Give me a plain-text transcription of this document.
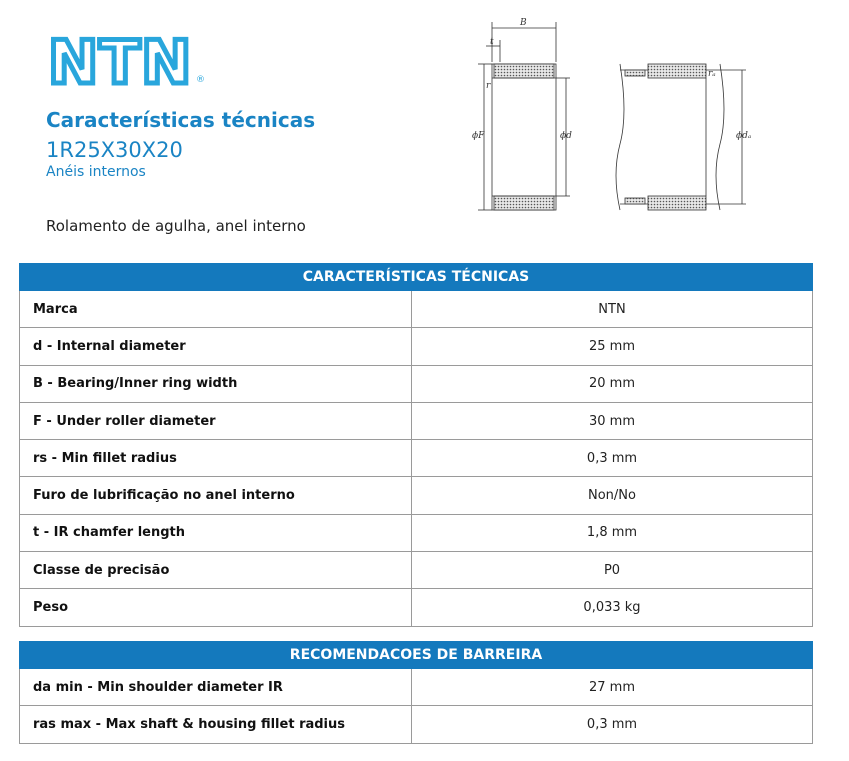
NTN ®
Características técnicas
1R25X30X20
Anéis internos
Rolamento de agulha, anel interno
B
t
r
ϕF	ϕd
rₐ
ϕdₐ
CARACTERÍSTICAS TÉCNICAS	
Marca	NTN
d - Internal diameter	25 mm
B - Bearing/Inner ring width	20 mm
F - Under roller diameter	30 mm
rs - Min fillet radius	0,3 mm
Furo de lubrificação no anel interno	Non/No
t - IR chamfer length	1,8 mm
Classe de precisão	P0
Peso	0,033 kg
RECOMENDACOES DE BARREIRA	
da min - Min shoulder diameter IR	27 mm
ras max - Max shaft & housing fillet radius	0,3 mm
